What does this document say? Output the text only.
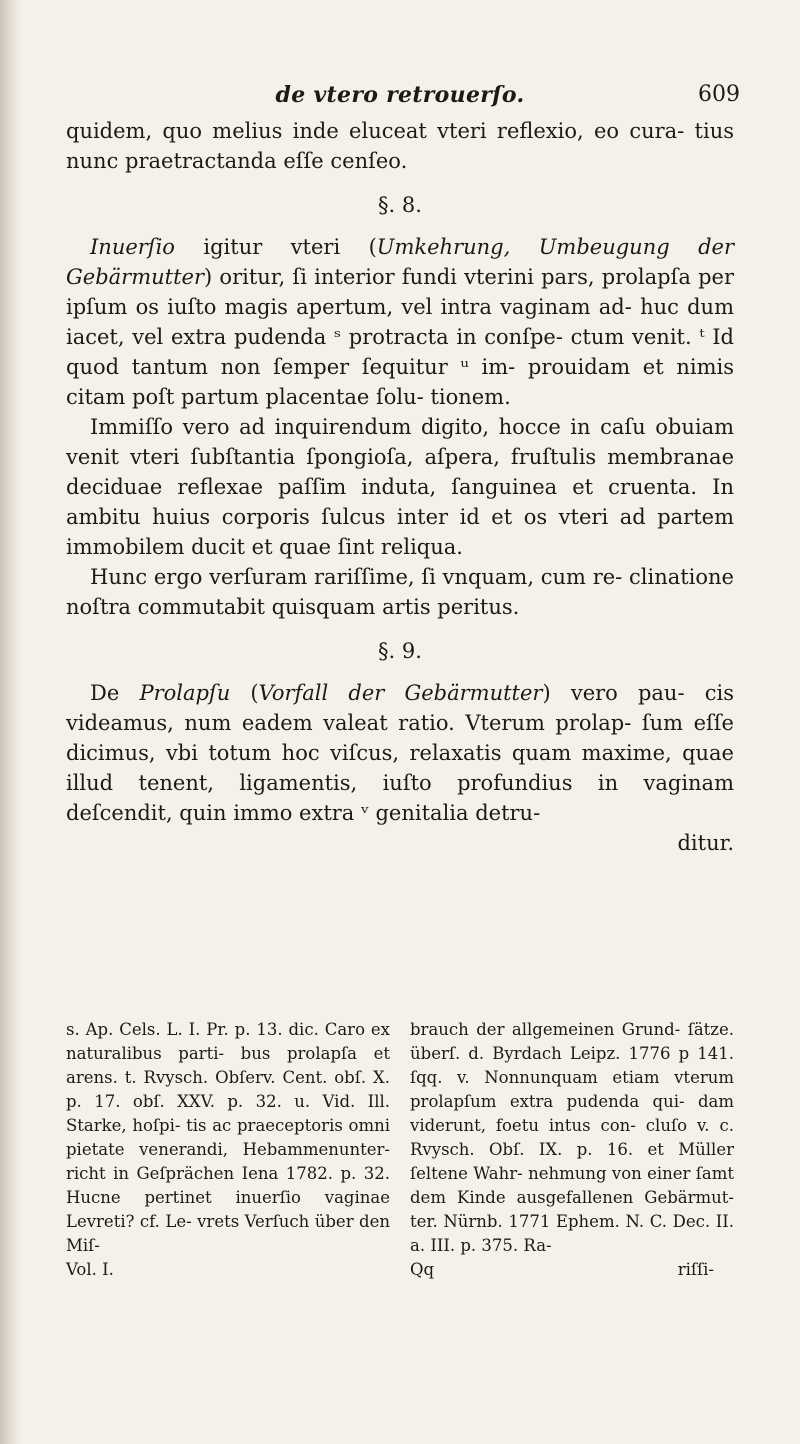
de vtero retrouerſo.	609

quidem, quo melius inde eluceat vteri reflexio, eo cura- tius nunc praetractanda eſſe cenſeo.

§. 8.

Inuerſio igitur vteri (Umkehrung, Umbeugung der Gebärmutter) oritur, ſi interior fundi vterini pars, prolapſa per ipſum os iuſto magis apertum, vel intra vaginam ad- huc dum iacet, vel extra pudenda ˢ protracta in conſpe- ctum venit. ᵗ Id quod tantum non ſemper ſequitur ᵘ im- prouidam et nimis citam poſt partum placentae ſolu- tionem.

Immiſſo vero ad inquirendum digito, hocce in caſu obuiam venit vteri ſubſtantia ſpongioſa, aſpera, fruſtulis membranae deciduae reflexae paſſim induta, ſanguinea et cruenta. In ambitu huius corporis ſulcus inter id et os vteri ad partem immobilem ducit et quae ſint reliqua.

Hunc ergo verſuram rariſſime, ſi vnquam, cum re- clinatione noſtra commutabit quisquam artis peritus.

§. 9.

De Prolapſu (Vorfall der Gebärmutter) vero pau- cis videamus, num eadem valeat ratio. Vterum prolap- ſum eſſe dicimus, vbi totum hoc viſcus, relaxatis quam maxime, quae illud tenent, ligamentis, iuſto profundius in vaginam deſcendit, quin immo extra ᵛ genitalia detru-

ditur.

s. Ap. Cels. L. I. Pr. p. 13. dic. Caro ex naturalibus parti- bus prolapſa et arens. t. Rvysch. Obſerv. Cent. obſ. X. p. 17. obſ. XXV. p. 32. u. Vid. Ill. Starke, hoſpi- tis ac praeceptoris omni pietate venerandi, Hebammenunter- richt in Geſprächen Iena 1782. p. 32. Hucne pertinet inuerſio vaginae Levreti? cf. Le- vrets Verſuch über den Miſ-

Vol. I.

brauch der allgemeinen Grund- ſätze. überſ. d. Byrdach Leipz. 1776 p 141. ſqq. v. Nonnunquam etiam vterum prolapſum extra pudenda qui- dam viderunt, foetu intus con- cluſo v. c. Rvysch. Obſ. IX. p. 16. et Müller ſeltene Wahr- nehmung von einer ſamt dem Kinde ausgefallenen Gebärmut- ter. Nürnb. 1771 Ephem. N. C. Dec. II. a. III. p. 375. Ra-

Qq	riſſi-
